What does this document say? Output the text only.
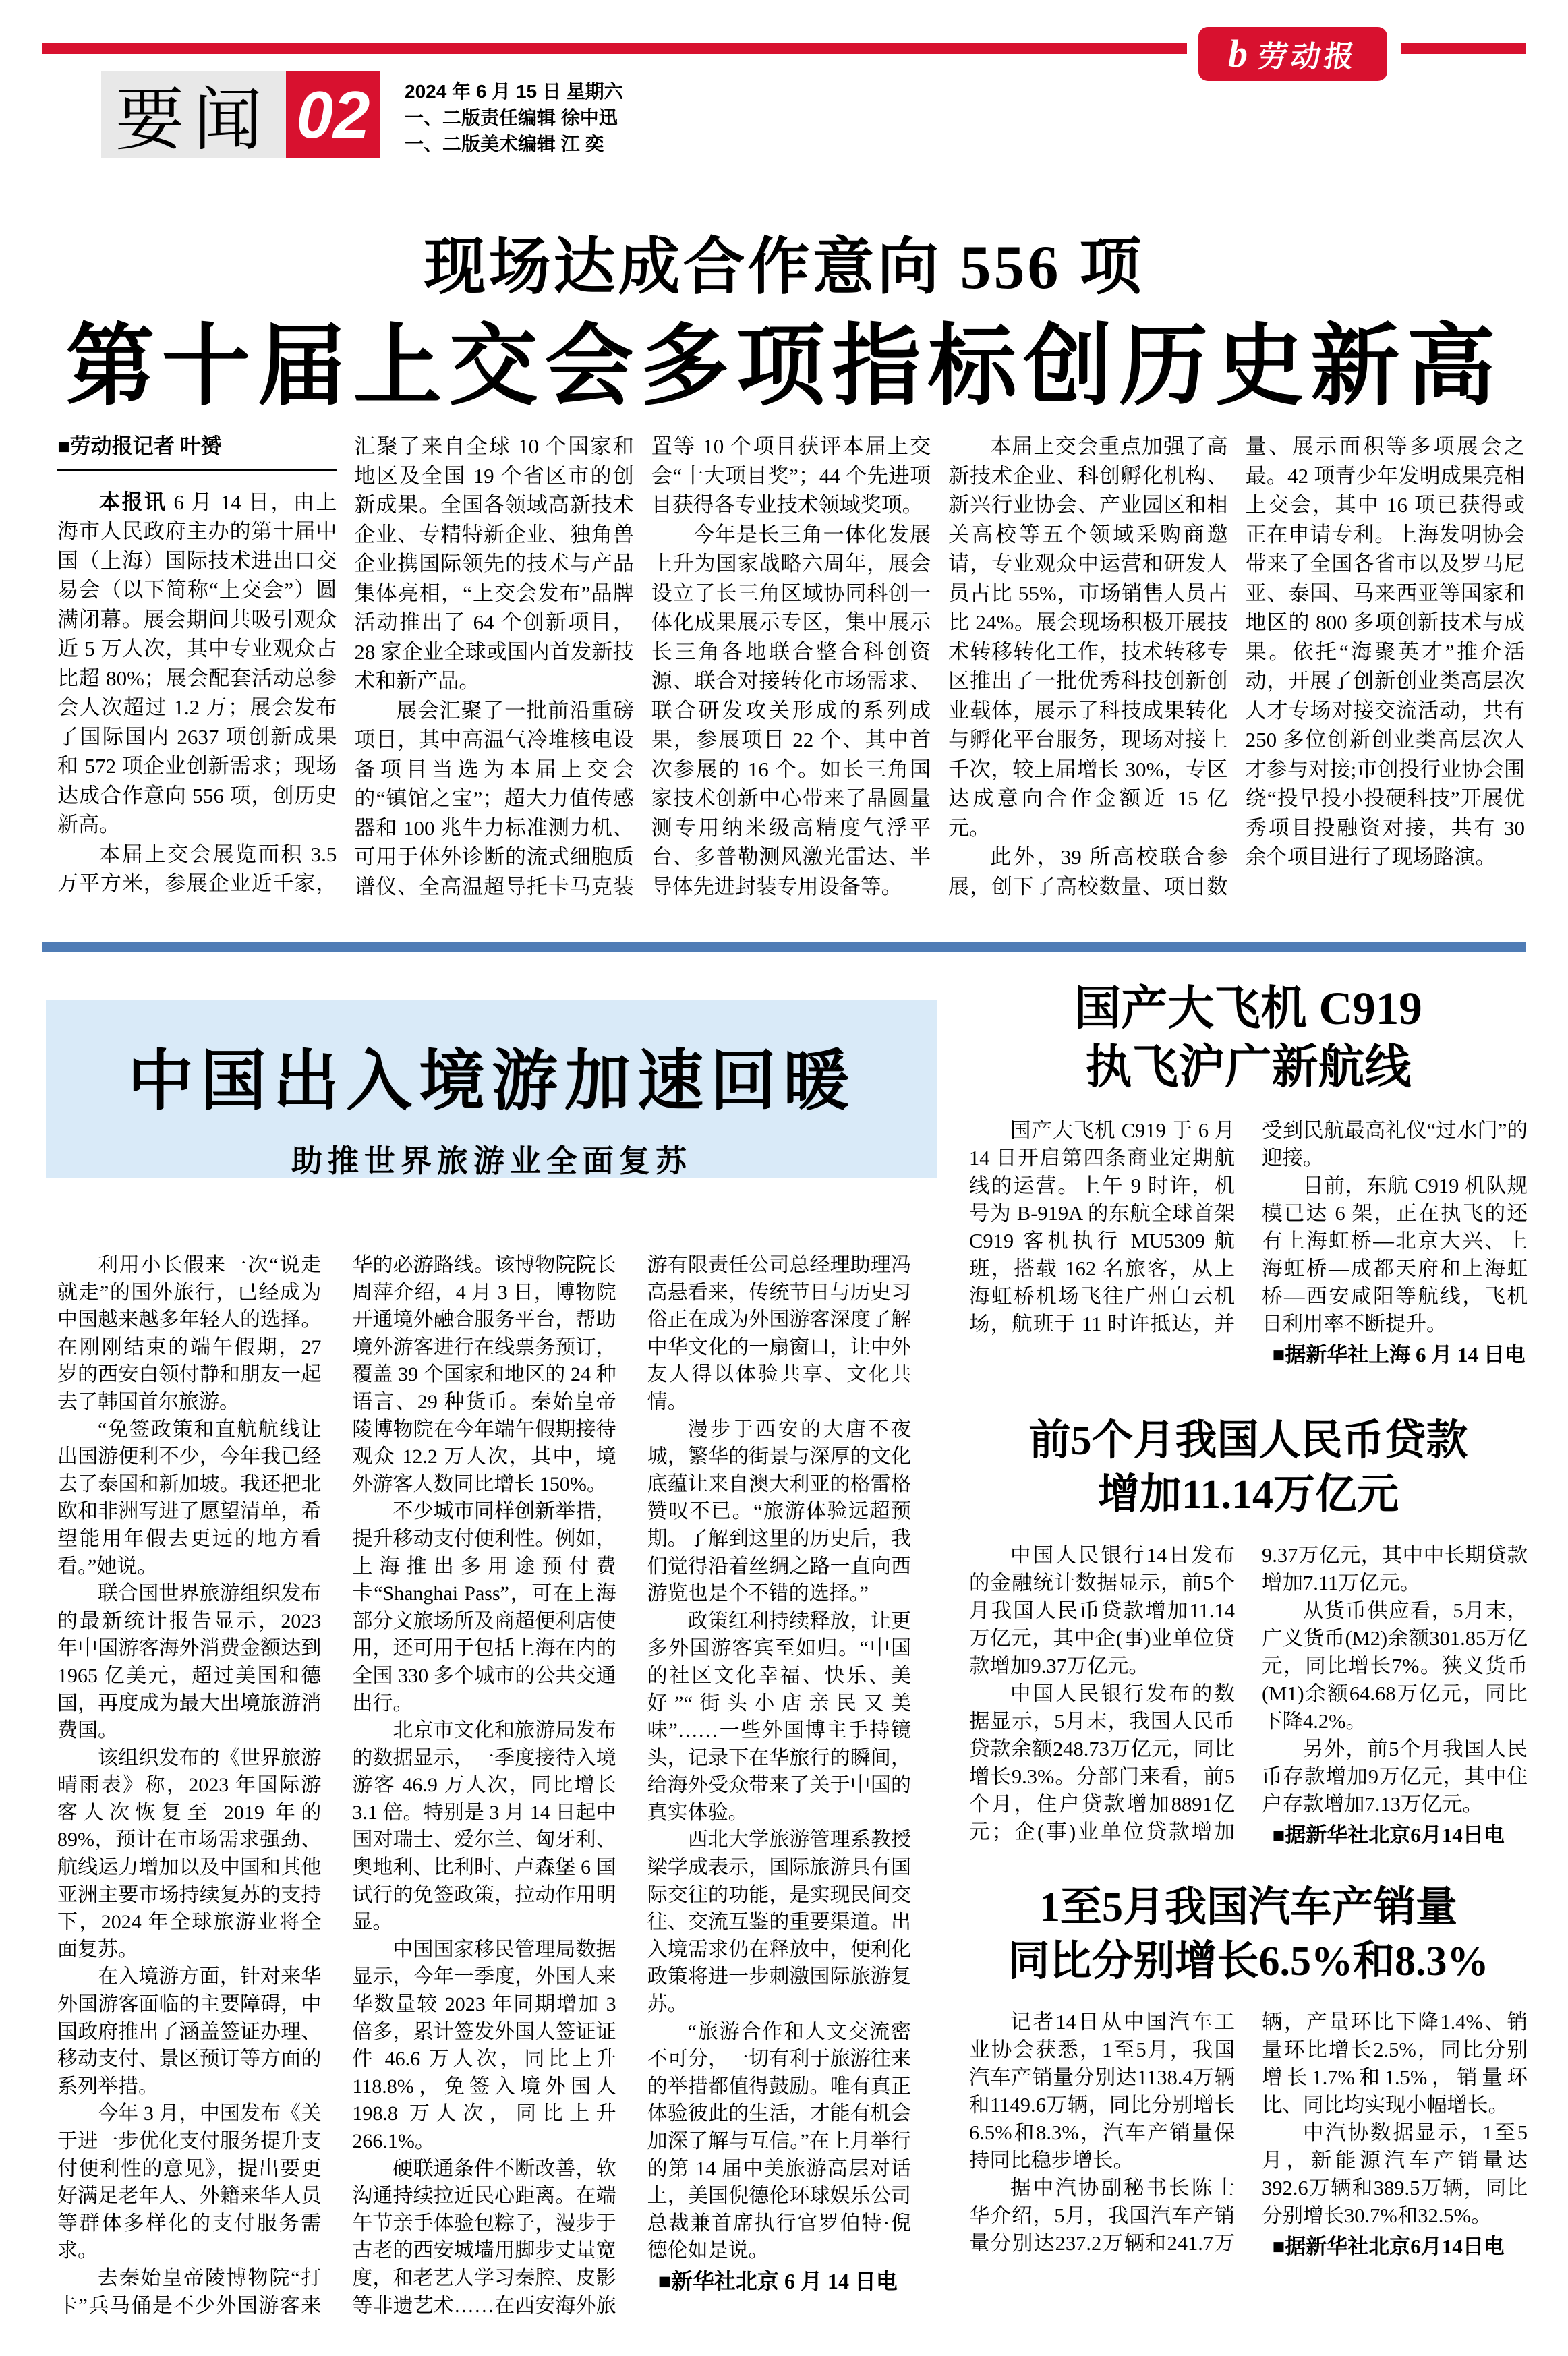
b 劳动报
要闻 02	2024 年 6 月 15 日 星期六
一、二版责任编辑 徐中迅
一、二版美术编辑 江 奕
现场达成合作意向 556 项
第十届上交会多项指标创历史新高
■劳动报记者 叶赟

本报讯 6 月 14 日，由上海市人民政府主办的第十届中国（上海）国际技术进出口交易会（以下简称“上交会”）圆满闭幕。展会期间共吸引观众近 5 万人次，其中专业观众占比超 80%；展会配套活动总参会人次超过 1.2 万；展会发布了国际国内 2637 项创新成果和 572 项企业创新需求；现场达成合作意向 556 项，创历史新高。

本届上交会展览面积 3.5 万平方米，参展企业近千家，汇聚了来自全球 10 个国家和地区及全国 19 个省区市的创新成果。全国各领域高新技术企业、专精特新企业、独角兽企业携国际领先的技术与产品集体亮相，“上交会发布”品牌活动推出了 64 个创新项目，28 家企业全球或国内首发新技术和新产品。

展会汇聚了一批前沿重磅项目，其中高温气冷堆核电设备项目当选为本届上交会的“镇馆之宝”；超大力值传感器和 100 兆牛力标准测力机、可用于体外诊断的流式细胞质谱仪、全高温超导托卡马克装置等 10 个项目获评本届上交会“十大项目奖”；44 个先进项目获得各专业技术领域奖项。

今年是长三角一体化发展上升为国家战略六周年，展会设立了长三角区域协同科创一体化成果展示专区，集中展示长三角各地联合整合科创资源、联合对接转化市场需求、联合研发攻关形成的系列成果，参展项目 22 个、其中首次参展的 16 个。如长三角国家技术创新中心带来了晶圆量测专用纳米级高精度气浮平台、多普勒测风激光雷达、半导体先进封装专用设备等。

本届上交会重点加强了高新技术企业、科创孵化机构、新兴行业协会、产业园区和相关高校等五个领域采购商邀请，专业观众中运营和研发人员占比 55%，市场销售人员占比 24%。展会现场积极开展技术转移转化工作，技术转移专区推出了一批优秀科技创新创业载体，展示了科技成果转化与孵化平台服务，现场对接上千次，较上届增长 30%，专区达成意向合作金额近 15 亿元。

此外，39 所高校联合参展，创下了高校数量、项目数量、展示面积等多项展会之最。42 项青少年发明成果亮相上交会，其中 16 项已获得或正在申请专利。上海发明协会带来了全国各省市以及罗马尼亚、泰国、马来西亚等国家和地区的 800 多项创新技术与成果。依托“海聚英才”推介活动，开展了创新创业类高层次人才专场对接交流活动，共有 250 多位创新创业类高层次人才参与对接;市创投行业协会围绕“投早投小投硬科技”开展优秀项目投融资对接，共有 30 余个项目进行了现场路演。

中国出入境游加速回暖
助推世界旅游业全面复苏

利用小长假来一次“说走就走”的国外旅行，已经成为中国越来越多年轻人的选择。在刚刚结束的端午假期，27 岁的西安白领付静和朋友一起去了韩国首尔旅游。

“免签政策和直航航线让出国游便利不少，今年我已经去了泰国和新加坡。我还把北欧和非洲写进了愿望清单，希望能用年假去更远的地方看看。”她说。

联合国世界旅游组织发布的最新统计报告显示，2023 年中国游客海外消费金额达到 1965 亿美元，超过美国和德国，再度成为最大出境旅游消费国。

该组织发布的《世界旅游晴雨表》称，2023 年国际游客人次恢复至 2019 年的 89%，预计在市场需求强劲、航线运力增加以及中国和其他亚洲主要市场持续复苏的支持下，2024 年全球旅游业将全面复苏。

在入境游方面，针对来华外国游客面临的主要障碍，中国政府推出了涵盖签证办理、移动支付、景区预订等方面的系列举措。

今年 3 月，中国发布《关于进一步优化支付服务提升支付便利性的意见》，提出要更好满足老年人、外籍来华人员等群体多样化的支付服务需求。

去秦始皇帝陵博物院“打卡”兵马俑是不少外国游客来华的必游路线。该博物院院长周萍介绍，4 月 3 日，博物院开通境外融合服务平台，帮助境外游客进行在线票务预订，覆盖 39 个国家和地区的 24 种语言、29 种货币。秦始皇帝陵博物院在今年端午假期接待观众 12.2 万人次，其中，境外游客人数同比增长 150%。

不少城市同样创新举措，提升移动支付便利性。例如，上海推出多用途预付费卡“Shanghai Pass”，可在上海部分文旅场所及商超便利店使用，还可用于包括上海在内的全国 330 多个城市的公共交通出行。

北京市文化和旅游局发布的数据显示，一季度接待入境游客 46.9 万人次，同比增长 3.1 倍。特别是 3 月 14 日起中国对瑞士、爱尔兰、匈牙利、奥地利、比利时、卢森堡 6 国试行的免签政策，拉动作用明显。

中国国家移民管理局数据显示，今年一季度，外国人来华数量较 2023 年同期增加 3 倍多，累计签发外国人签证证件 46.6 万人次，同比上升 118.8%，免签入境外国人 198.8 万人次，同比上升 266.1%。

硬联通条件不断改善，软沟通持续拉近民心距离。在端午节亲手体验包粽子，漫步于古老的西安城墙用脚步丈量宽度，和老艺人学习秦腔、皮影等非遗艺术……在西安海外旅游有限责任公司总经理助理冯高悬看来，传统节日与历史习俗正在成为外国游客深度了解中华文化的一扇窗口，让中外友人得以体验共享、文化共情。

漫步于西安的大唐不夜城，繁华的街景与深厚的文化底蕴让来自澳大利亚的格雷格赞叹不已。“旅游体验远超预期。了解到这里的历史后，我们觉得沿着丝绸之路一直向西游览也是个不错的选择。”

政策红利持续释放，让更多外国游客宾至如归。“中国的社区文化幸福、快乐、美好”“街头小店亲民又美味”……一些外国博主手持镜头，记录下在华旅行的瞬间，给海外受众带来了关于中国的真实体验。

西北大学旅游管理系教授梁学成表示，国际旅游具有国际交往的功能，是实现民间交往、交流互鉴的重要渠道。出入境需求仍在释放中，便利化政策将进一步刺激国际旅游复苏。

“旅游合作和人文交流密不可分，一切有利于旅游往来的举措都值得鼓励。唯有真正体验彼此的生活，才能有机会加深了解与互信。”在上月举行的第 14 届中美旅游高层对话上，美国倪德伦环球娱乐公司总裁兼首席执行官罗伯特·倪德伦如是说。

■新华社北京 6 月 14 日电

国产大飞机 C919
执飞沪广新航线

国产大飞机 C919 于 6 月 14 日开启第四条商业定期航线的运营。上午 9 时许，机号为 B-919A 的东航全球首架 C919 客机执行 MU5309 航班，搭载 162 名旅客，从上海虹桥机场飞往广州白云机场，航班于 11 时许抵达，并受到民航最高礼仪“过水门”的迎接。

目前，东航 C919 机队规模已达 6 架，正在执飞的还有上海虹桥—北京大兴、上海虹桥—成都天府和上海虹桥—西安咸阳等航线，飞机日利用率不断提升。

■据新华社上海 6 月 14 日电

前5个月我国人民币贷款
增加11.14万亿元

中国人民银行14日发布的金融统计数据显示，前5个月我国人民币贷款增加11.14万亿元，其中企(事)业单位贷款增加9.37万亿元。

中国人民银行发布的数据显示，5月末，我国人民币贷款余额248.73万亿元，同比增长9.3%。分部门来看，前5个月，住户贷款增加8891亿元；企(事)业单位贷款增加9.37万亿元，其中中长期贷款增加7.11万亿元。

从货币供应看，5月末，广义货币(M2)余额301.85万亿元，同比增长7%。狭义货币(M1)余额64.68万亿元，同比下降4.2%。

另外，前5个月我国人民币存款增加9万亿元，其中住户存款增加7.13万亿元。

■据新华社北京6月14日电

1至5月我国汽车产销量
同比分别增长6.5%和8.3%

记者14日从中国汽车工业协会获悉，1至5月，我国汽车产销量分别达1138.4万辆和1149.6万辆，同比分别增长6.5%和8.3%，汽车产销量保持同比稳步增长。

据中汽协副秘书长陈士华介绍，5月，我国汽车产销量分别达237.2万辆和241.7万辆，产量环比下降1.4%、销量环比增长2.5%，同比分别增长1.7%和1.5%，销量环比、同比均实现小幅增长。

中汽协数据显示，1至5月，新能源汽车产销量达392.6万辆和389.5万辆，同比分别增长30.7%和32.5%。

■据新华社北京6月14日电
